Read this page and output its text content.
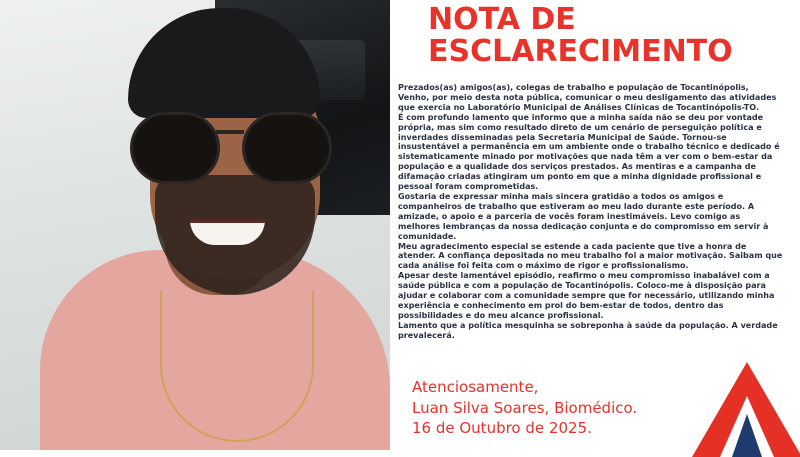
NOTA DE
ESCLARECIMENTO

Prezados(as) amigos(as), colegas de trabalho e população de Tocantinópolis,

Venho, por meio desta nota pública, comunicar o meu desligamento das atividades que exercia no Laboratório Municipal de Análises Clínicas de Tocantinópolis-TO.

É com profundo lamento que informo que a minha saída não se deu por vontade própria, mas sim como resultado direto de um cenário de perseguição política e inverdades disseminadas pela Secretaria Municipal de Saúde. Tornou-se insustentável a permanência em um ambiente onde o trabalho técnico e dedicado é sistematicamente minado por motivações que nada têm a ver com o bem-estar da população e a qualidade dos serviços prestados. As mentiras e a campanha de difamação criadas atingiram um ponto em que a minha dignidade profissional e pessoal foram comprometidas.

Gostaria de expressar minha mais sincera gratidão a todos os amigos e companheiros de trabalho que estiveram ao meu lado durante este período. A amizade, o apoio e a parceria de vocês foram inestimáveis. Levo comigo as melhores lembranças da nossa dedicação conjunta e do compromisso em servir à comunidade.

Meu agradecimento especial se estende a cada paciente que tive a honra de atender. A confiança depositada no meu trabalho foi a maior motivação. Saibam que cada análise foi feita com o máximo de rigor e profissionalismo.

Apesar deste lamentável episódio, reafirmo o meu compromisso inabalável com a saúde pública e com a população de Tocantinópolis. Coloco-me à disposição para ajudar e colaborar com a comunidade sempre que for necessário, utilizando minha experiência e conhecimento em prol do bem-estar de todos, dentro das possibilidades e do meu alcance profissional.

Lamento que a política mesquinha se sobreponha à saúde da população. A verdade prevalecerá.

Atenciosamente,
Luan Silva Soares, Biomédico.
16 de Outubro de 2025.
